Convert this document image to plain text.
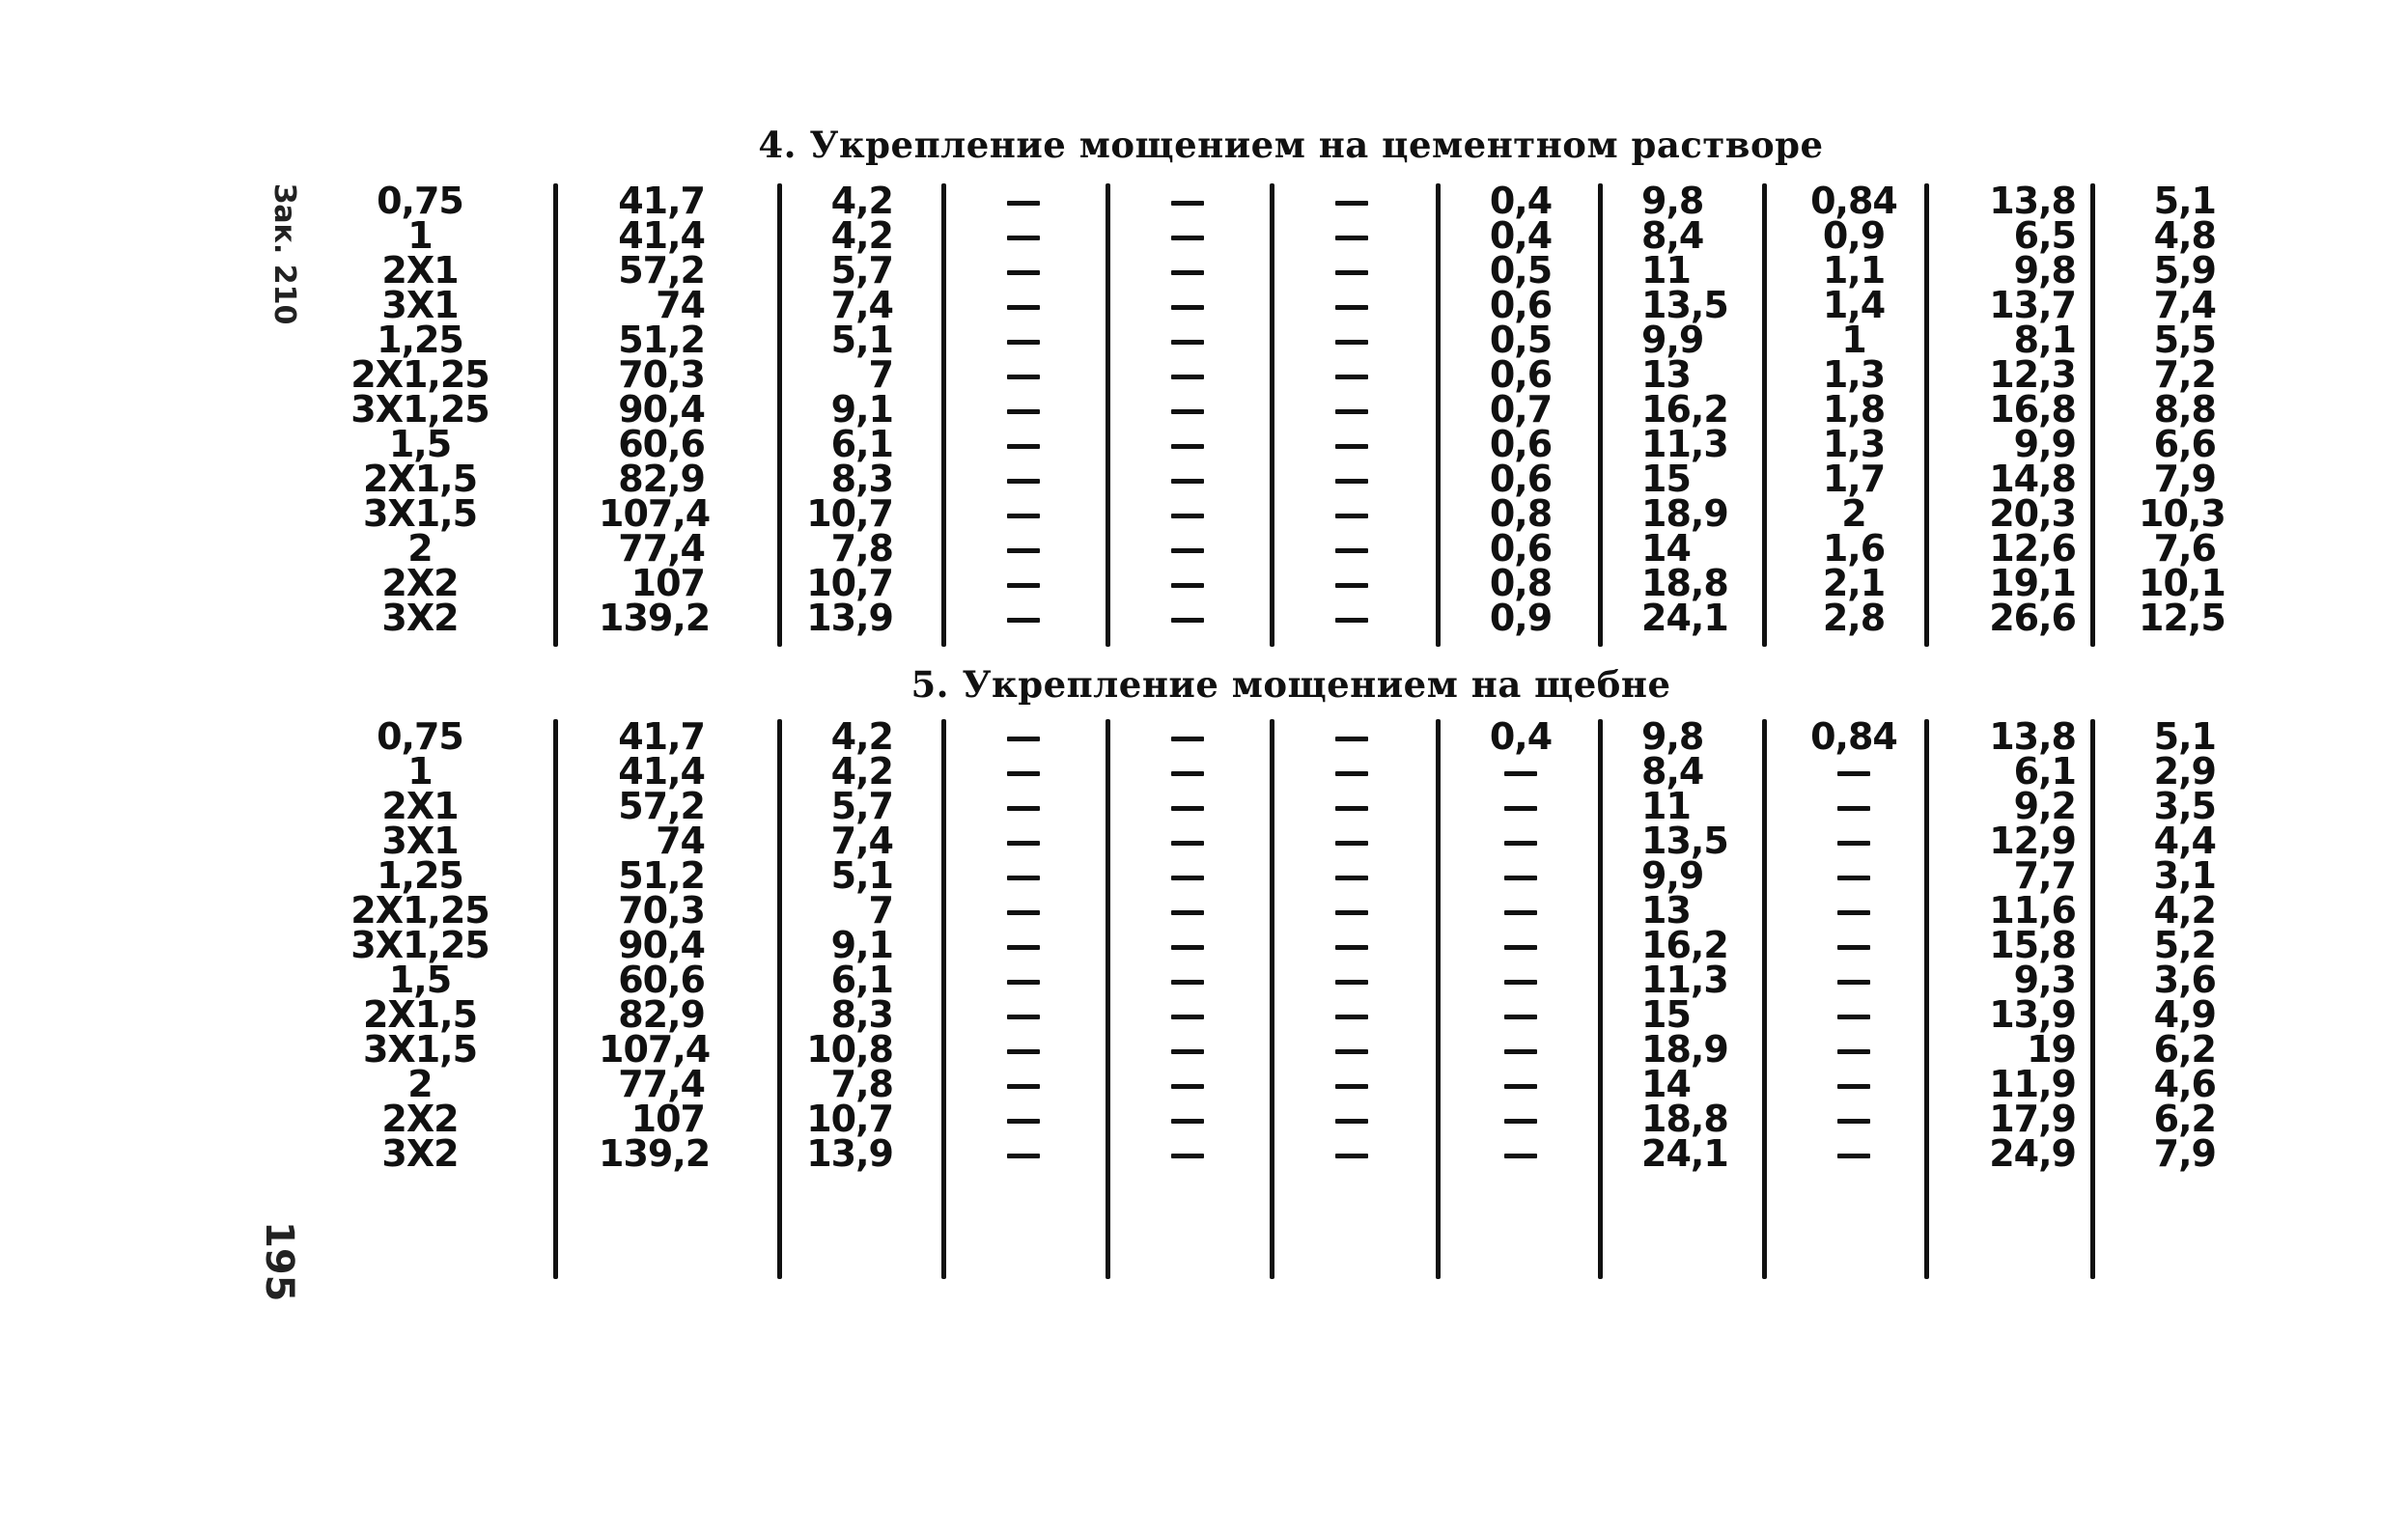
Зак. 210
195
4. Укрепление мощением на цементном растворе
0,75
1
2X1
3X1
1,25
2X1,25
3X1,25
1,5
2X1,5
3X1,5
2
2X2
3X2
41,7
41,4
57,2
74
51,2
70,3
90,4
60,6
82,9
107,4
77,4
107
139,2
4,2
4,2
5,7
7,4
5,1
7
9,1
6,1
8,3
10,7
7,8
10,7
13,9
0,4
0,4
0,5
0,6
0,5
0,6
0,7
0,6
0,6
0,8
0,6
0,8
0,9
9,8
8,4
11
13,5
9,9
13
16,2
11,3
15
18,9
14
18,8
24,1
0,84
0,9
1,1
1,4
1
1,3
1,8
1,3
1,7
2
1,6
2,1
2,8
13,8
6,5
9,8
13,7
8,1
12,3
16,8
9,9
14,8
20,3
12,6
19,1
26,6
5,1
4,8
5,9
7,4
5,5
7,2
8,8
6,6
7,9
10,3
7,6
10,1
12,5
5. Укрепление мощением на щебне
0,75
1
2X1
3X1
1,25
2X1,25
3X1,25
1,5
2X1,5
3X1,5
2
2X2
3X2
41,7
41,4
57,2
74
51,2
70,3
90,4
60,6
82,9
107,4
77,4
107
139,2
4,2
4,2
5,7
7,4
5,1
7
9,1
6,1
8,3
10,8
7,8
10,7
13,9
0,4	9,8
8,4
11
13,5
9,9
13
16,2
11,3
15
18,9
14
18,8
24,1
0,84	13,8
6,1
9,2
12,9
7,7
11,6
15,8
9,3
13,9
19
11,9
17,9
24,9
5,1
2,9
3,5
4,4
3,1
4,2
5,2
3,6
4,9
6,2
4,6
6,2
7,9
